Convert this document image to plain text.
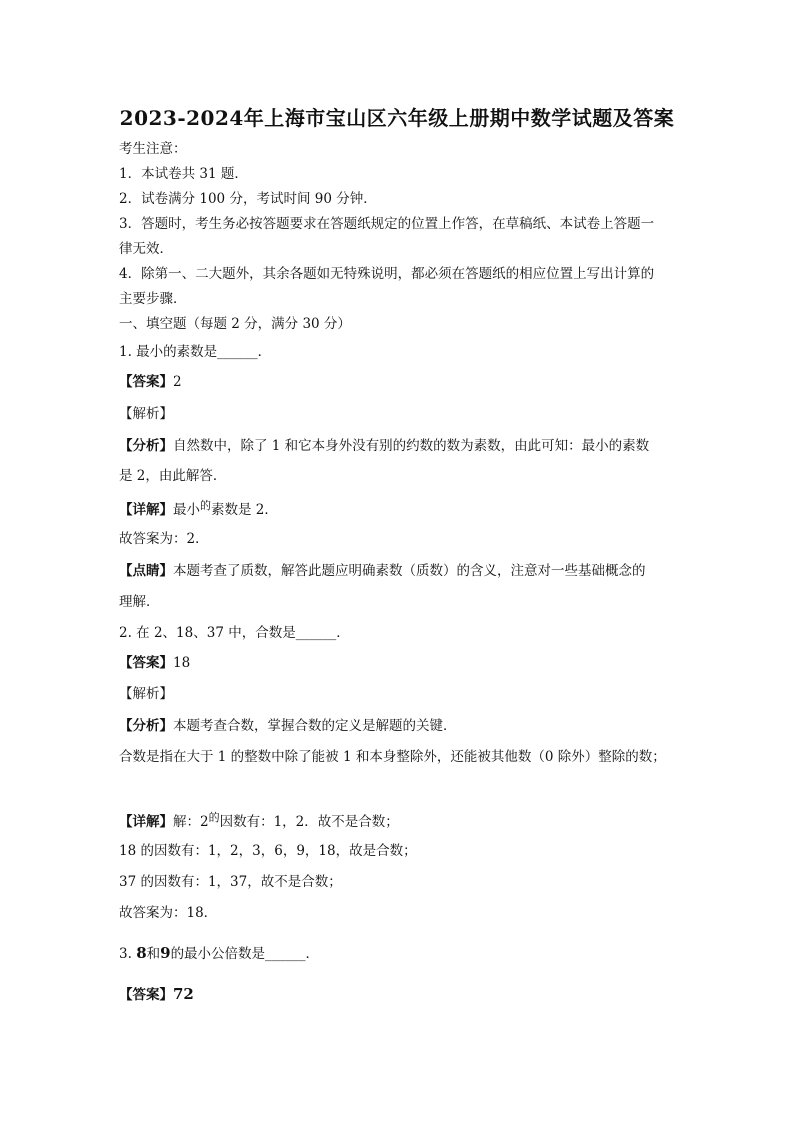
2023-2024年上海市宝山区六年级上册期中数学试题及答案
考生注意：
1．本试卷共 31 题．
2．试卷满分 100 分，考试时间 90 分钟．
3．答题时，考生务必按答题要求在答题纸规定的位置上作答，在草稿纸、本试卷上答题一
律无效．
4．除第一、二大题外，其余各题如无特殊说明，都必须在答题纸的相应位置上写出计算的
主要步骤．
一、填空题（每题 2 分，满分 30 分）
1. 最小的素数是______．
【答案】2
【解析】
【分析】自然数中，除了 1 和它本身外没有别的约数的数为素数，由此可知：最小的素数
是 2，由此解答．
【详解】最小$^的$素数是 2．
故答案为：2．
【点睛】本题考查了质数，解答此题应明确素数（质数）的含义，注意对一些基础概念的
理解．
2. 在 2、18、37 中，合数是______．
【答案】18
【解析】
【分析】本题考查合数，掌握合数的定义是解题的关键．
合数是指在大于 1 的整数中除了能被 1 和本身整除外，还能被其他数（0 除外）整除的数；
【详解】解：$2^的$因数有：1，2．故不是合数；
18 的因数有：1，2，3，6，9，18，故是合数；
37 的因数有：1，37，故不是合数；
故答案为：18．
3. 8和9的最小公倍数是______．
【答案】72
